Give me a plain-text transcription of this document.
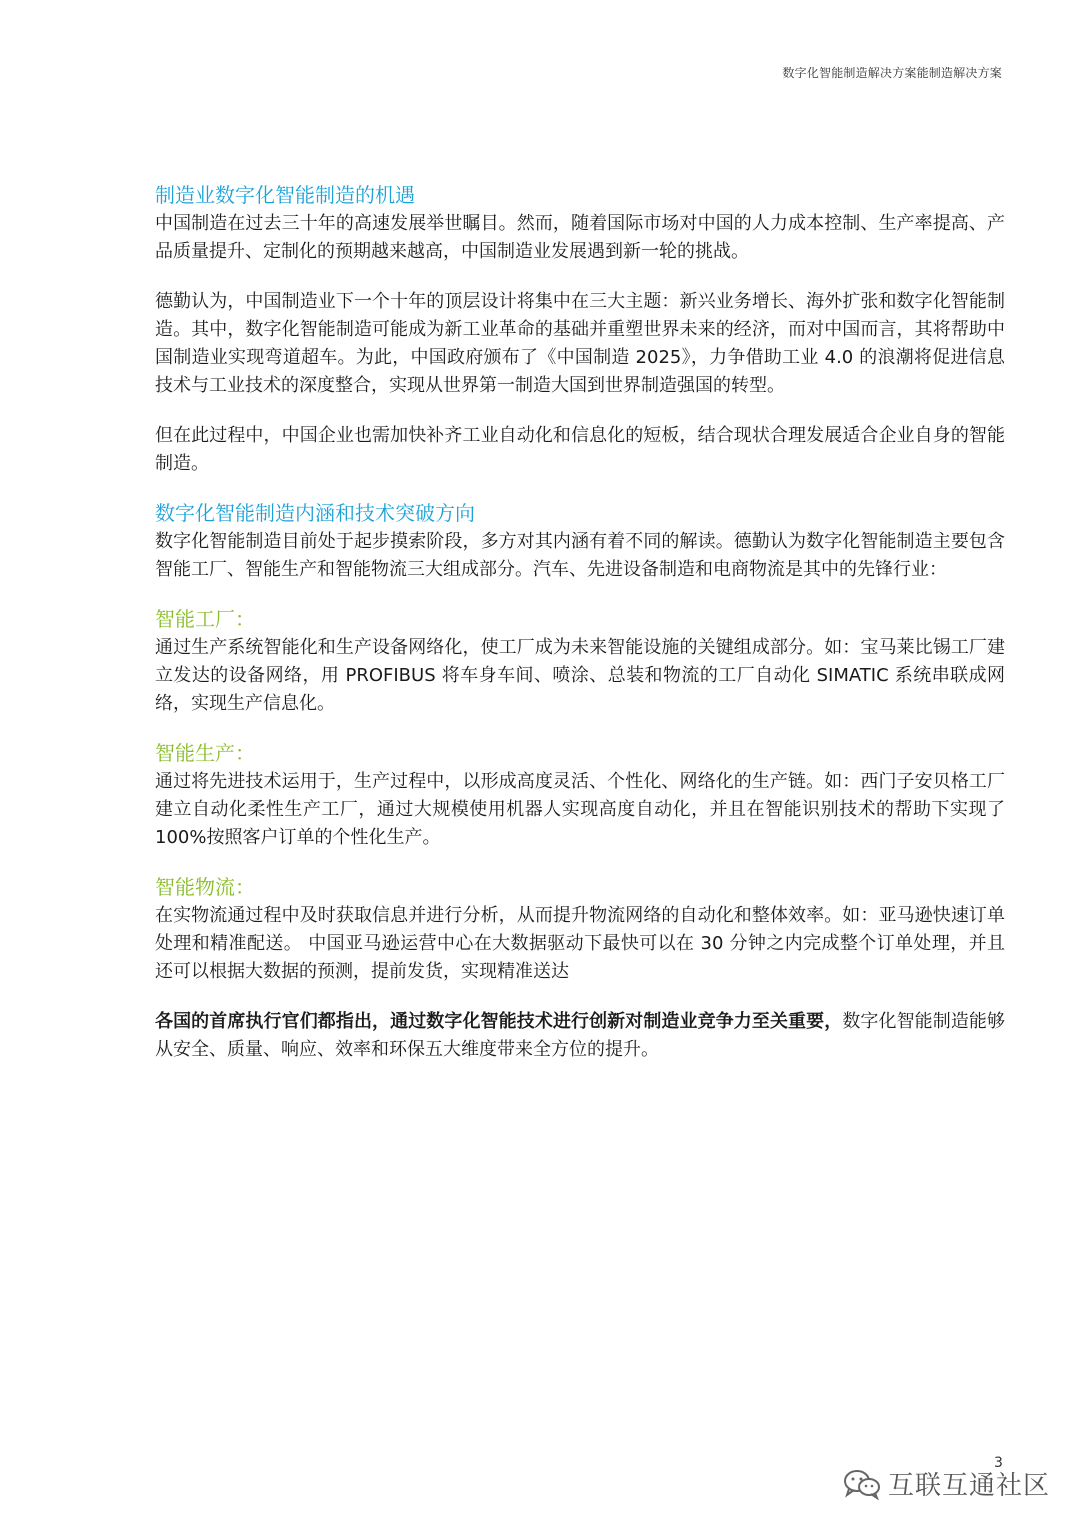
数字化智能制造解决方案能制造解决方案
制造业数字化智能制造的机遇

中国制造在过去三十年的高速发展举世瞩目。然而，随着国际市场对中国的人力成本控制、生产率提高、产品质量提升、定制化的预期越来越高，中国制造业发展遇到新一轮的挑战。

德勤认为，中国制造业下一个十年的顶层设计将集中在三大主题：新兴业务增长、海外扩张和数字化智能制造。其中，数字化智能制造可能成为新工业革命的基础并重塑世界未来的经济，而对中国而言，其将帮助中国制造业实现弯道超车。为此，中国政府颁布了《中国制造 2025》，力争借助工业 4.0 的浪潮将促进信息技术与工业技术的深度整合，实现从世界第一制造大国到世界制造强国的转型。

但在此过程中，中国企业也需加快补齐工业自动化和信息化的短板，结合现状合理发展适合企业自身的智能制造。

数字化智能制造内涵和技术突破方向

数字化智能制造目前处于起步摸索阶段，多方对其内涵有着不同的解读。德勤认为数字化智能制造主要包含智能工厂、智能生产和智能物流三大组成部分。汽车、先进设备制造和电商物流是其中的先锋行业：

智能工厂：

通过生产系统智能化和生产设备网络化，使工厂成为未来智能设施的关键组成部分。如：宝马莱比锡工厂建立发达的设备网络，用 PROFIBUS 将车身车间、喷涂、总装和物流的工厂自动化 SIMATIC 系统串联成网络，实现生产信息化。

智能生产：

通过将先进技术运用于，生产过程中，以形成高度灵活、个性化、网络化的生产链。如：西门子安贝格工厂建立自动化柔性生产工厂，通过大规模使用机器人实现高度自动化，并且在智能识别技术的帮助下实现了 100%按照客户订单的个性化生产。

智能物流：

在实物流通过程中及时获取信息并进行分析，从而提升物流网络的自动化和整体效率。如：亚马逊快速订单处理和精准配送。 中国亚马逊运营中心在大数据驱动下最快可以在 30 分钟之内完成整个订单处理，并且还可以根据大数据的预测，提前发货，实现精准送达

各国的首席执行官们都指出，通过数字化智能技术进行创新对制造业竞争力至关重要，数字化智能制造能够从安全、质量、响应、效率和环保五大维度带来全方位的提升。

3
互联互通社区
